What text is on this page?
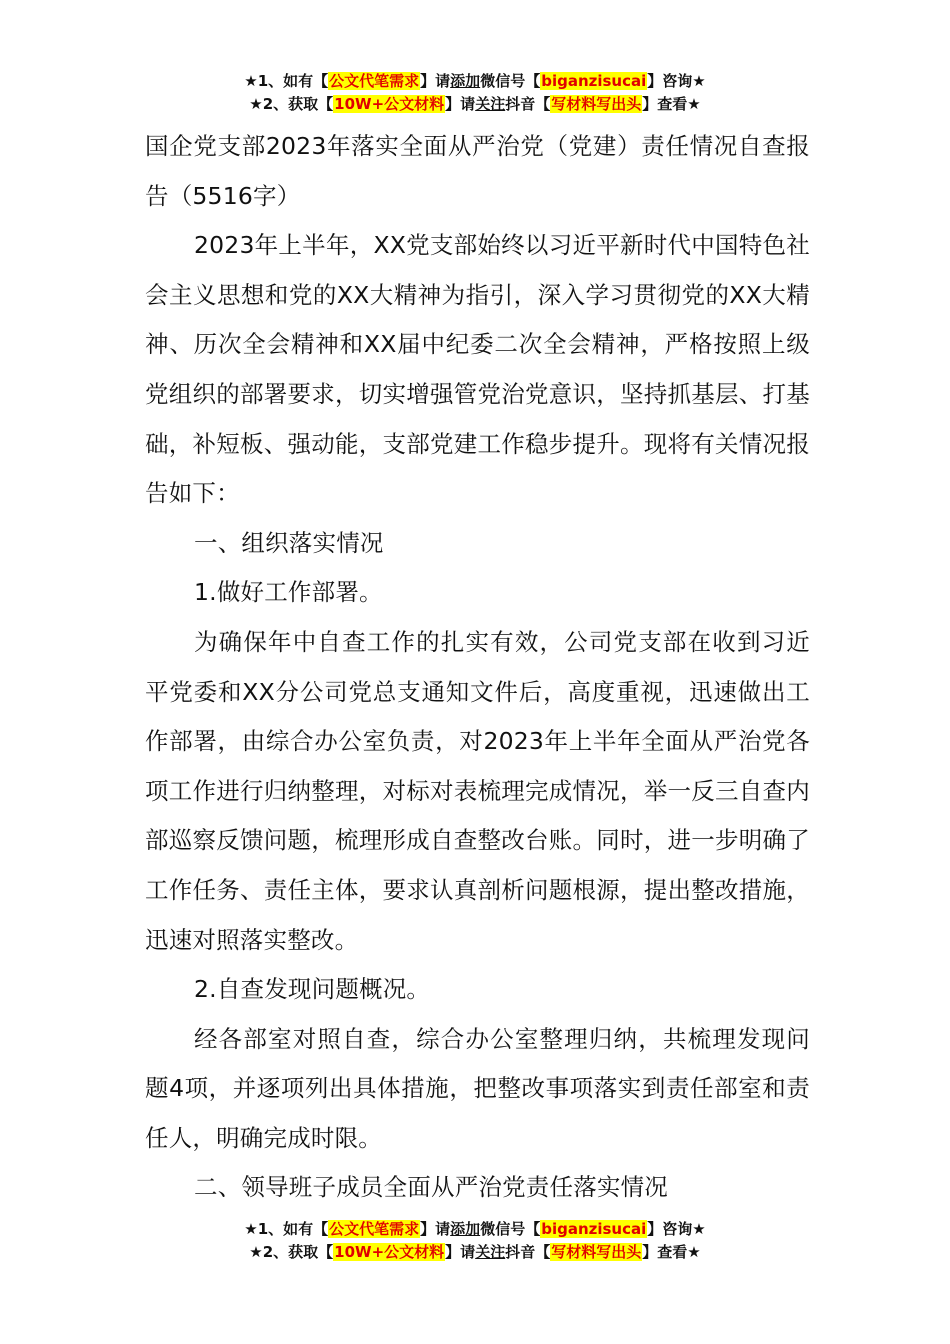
★1、如有【公文代笔需求】请添加微信号【biganzisucai】咨询★
★2、获取【10W+公文材料】请关注抖音【写材料写出头】查看★

国企党支部2023年落实全面从严治党（党建）责任情况自查报告（5516字）

2023年上半年，XX党支部始终以习近平新时代中国特色社会主义思想和党的XX大精神为指引，深入学习贯彻党的XX大精神、历次全会精神和XX届中纪委二次全会精神，严格按照上级党组织的部署要求，切实增强管党治党意识，坚持抓基层、打基础，补短板、强动能，支部党建工作稳步提升。现将有关情况报告如下：

一、组织落实情况

1.做好工作部署。

为确保年中自查工作的扎实有效，公司党支部在收到习近平党委和XX分公司党总支通知文件后，高度重视，迅速做出工作部署，由综合办公室负责，对2023年上半年全面从严治党各项工作进行归纳整理，对标对表梳理完成情况，举一反三自查内部巡察反馈问题，梳理形成自查整改台账。同时，进一步明确了工作任务、责任主体，要求认真剖析问题根源，提出整改措施，迅速对照落实整改。

2.自查发现问题概况。

经各部室对照自查，综合办公室整理归纳，共梳理发现问题4项，并逐项列出具体措施，把整改事项落实到责任部室和责任人，明确完成时限。

二、领导班子成员全面从严治党责任落实情况

★1、如有【公文代笔需求】请添加微信号【biganzisucai】咨询★
★2、获取【10W+公文材料】请关注抖音【写材料写出头】查看★
